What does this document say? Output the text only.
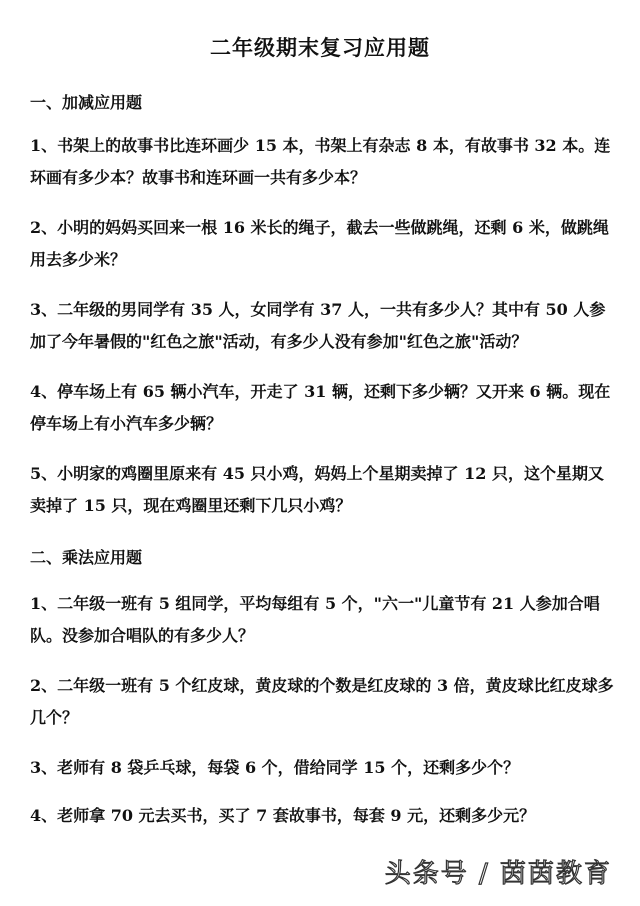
二年级期末复习应用题
一、加减应用题
1、书架上的故事书比连环画少 15 本，书架上有杂志 8 本，有故事书 32 本。连环画有多少本？故事书和连环画一共有多少本？
2、小明的妈妈买回来一根 16 米长的绳子，截去一些做跳绳，还剩 6 米，做跳绳用去多少米？
3、二年级的男同学有 35 人，女同学有 37 人，一共有多少人？其中有 50 人参加了今年暑假的"红色之旅"活动，有多少人没有参加"红色之旅"活动？
4、停车场上有 65 辆小汽车，开走了 31 辆，还剩下多少辆？又开来 6 辆。现在停车场上有小汽车多少辆？
5、小明家的鸡圈里原来有 45 只小鸡，妈妈上个星期卖掉了 12 只，这个星期又卖掉了 15 只，现在鸡圈里还剩下几只小鸡？
二、乘法应用题
1、二年级一班有 5 组同学，平均每组有 5 个，"六一"儿童节有 21 人参加合唱队。没参加合唱队的有多少人？
2、二年级一班有 5 个红皮球，黄皮球的个数是红皮球的 3 倍，黄皮球比红皮球多几个？
3、老师有 8 袋乒乓球，每袋 6 个，借给同学 15 个，还剩多少个？
4、老师拿 70 元去买书，买了 7 套故事书，每套 9 元，还剩多少元？
头条号 / 茵茵教育
